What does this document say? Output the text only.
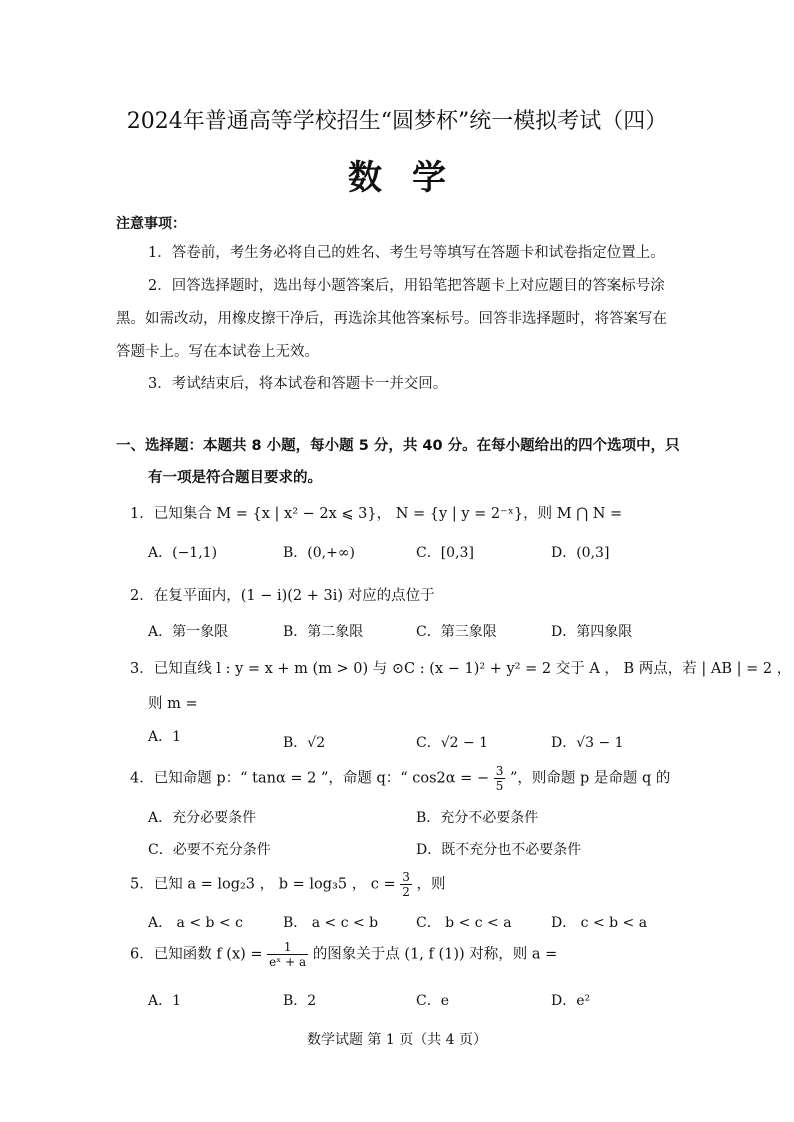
2024年普通高等学校招生“圆梦杯”统一模拟考试（四）
数学
注意事项：
1．答卷前，考生务必将自己的姓名、考生号等填写在答题卡和试卷指定位置上。
2．回答选择题时，选出每小题答案后，用铅笔把答题卡上对应题目的答案标号涂
黑。如需改动，用橡皮擦干净后，再选涂其他答案标号。回答非选择题时，将答案写在
答题卡上。写在本试卷上无效。
3．考试结束后，将本试卷和答题卡一并交回。
一、选择题：本题共 8 小题，每小题 5 分，共 40 分。在每小题给出的四个选项中，只
有一项是符合题目要求的。
1．已知集合 M = {x | x² − 2x ⩽ 3}， N = {y | y = 2⁻ˣ}，则 M ⋂ N =
A．(−1,1)	B．(0,+∞)	C．[0,3]	D．(0,3]
2．在复平面内，(1 − i)(2 + 3i) 对应的点位于
A．第一象限	B．第二象限	C．第三象限	D．第四象限
3．已知直线 l : y = x + m (m > 0) 与 ⊙C : (x − 1)² + y² = 2 交于 A ， B 两点，若 | AB | = 2 ，
则 m =
A．1	B．√2	C．√2 − 1	D．√3 − 1
4．已知命题 p：“ tanα = 2 ”，命题 q：“ cos2α = − $\frac{3}{5}$ ”，则命题 p 是命题 q 的
A．充分必要条件	B．充分不必要条件
C．必要不充分条件	D．既不充分也不必要条件
5．已知 a = log₂3 ， b = log₃5 ， $c = \frac{3}{2}$ ，则
A． a < b < c	B． a < c < b	C． b < c < a	D． c < b < a
6．已知函数 f $(x) = \frac{1}{\text{eˣ + a}}$ 的图象关于点 (1, f (1)) 对称，则 a =
A．1	B．2	C．e	D．e²
数学试题 第 1 页（共 4 页）
